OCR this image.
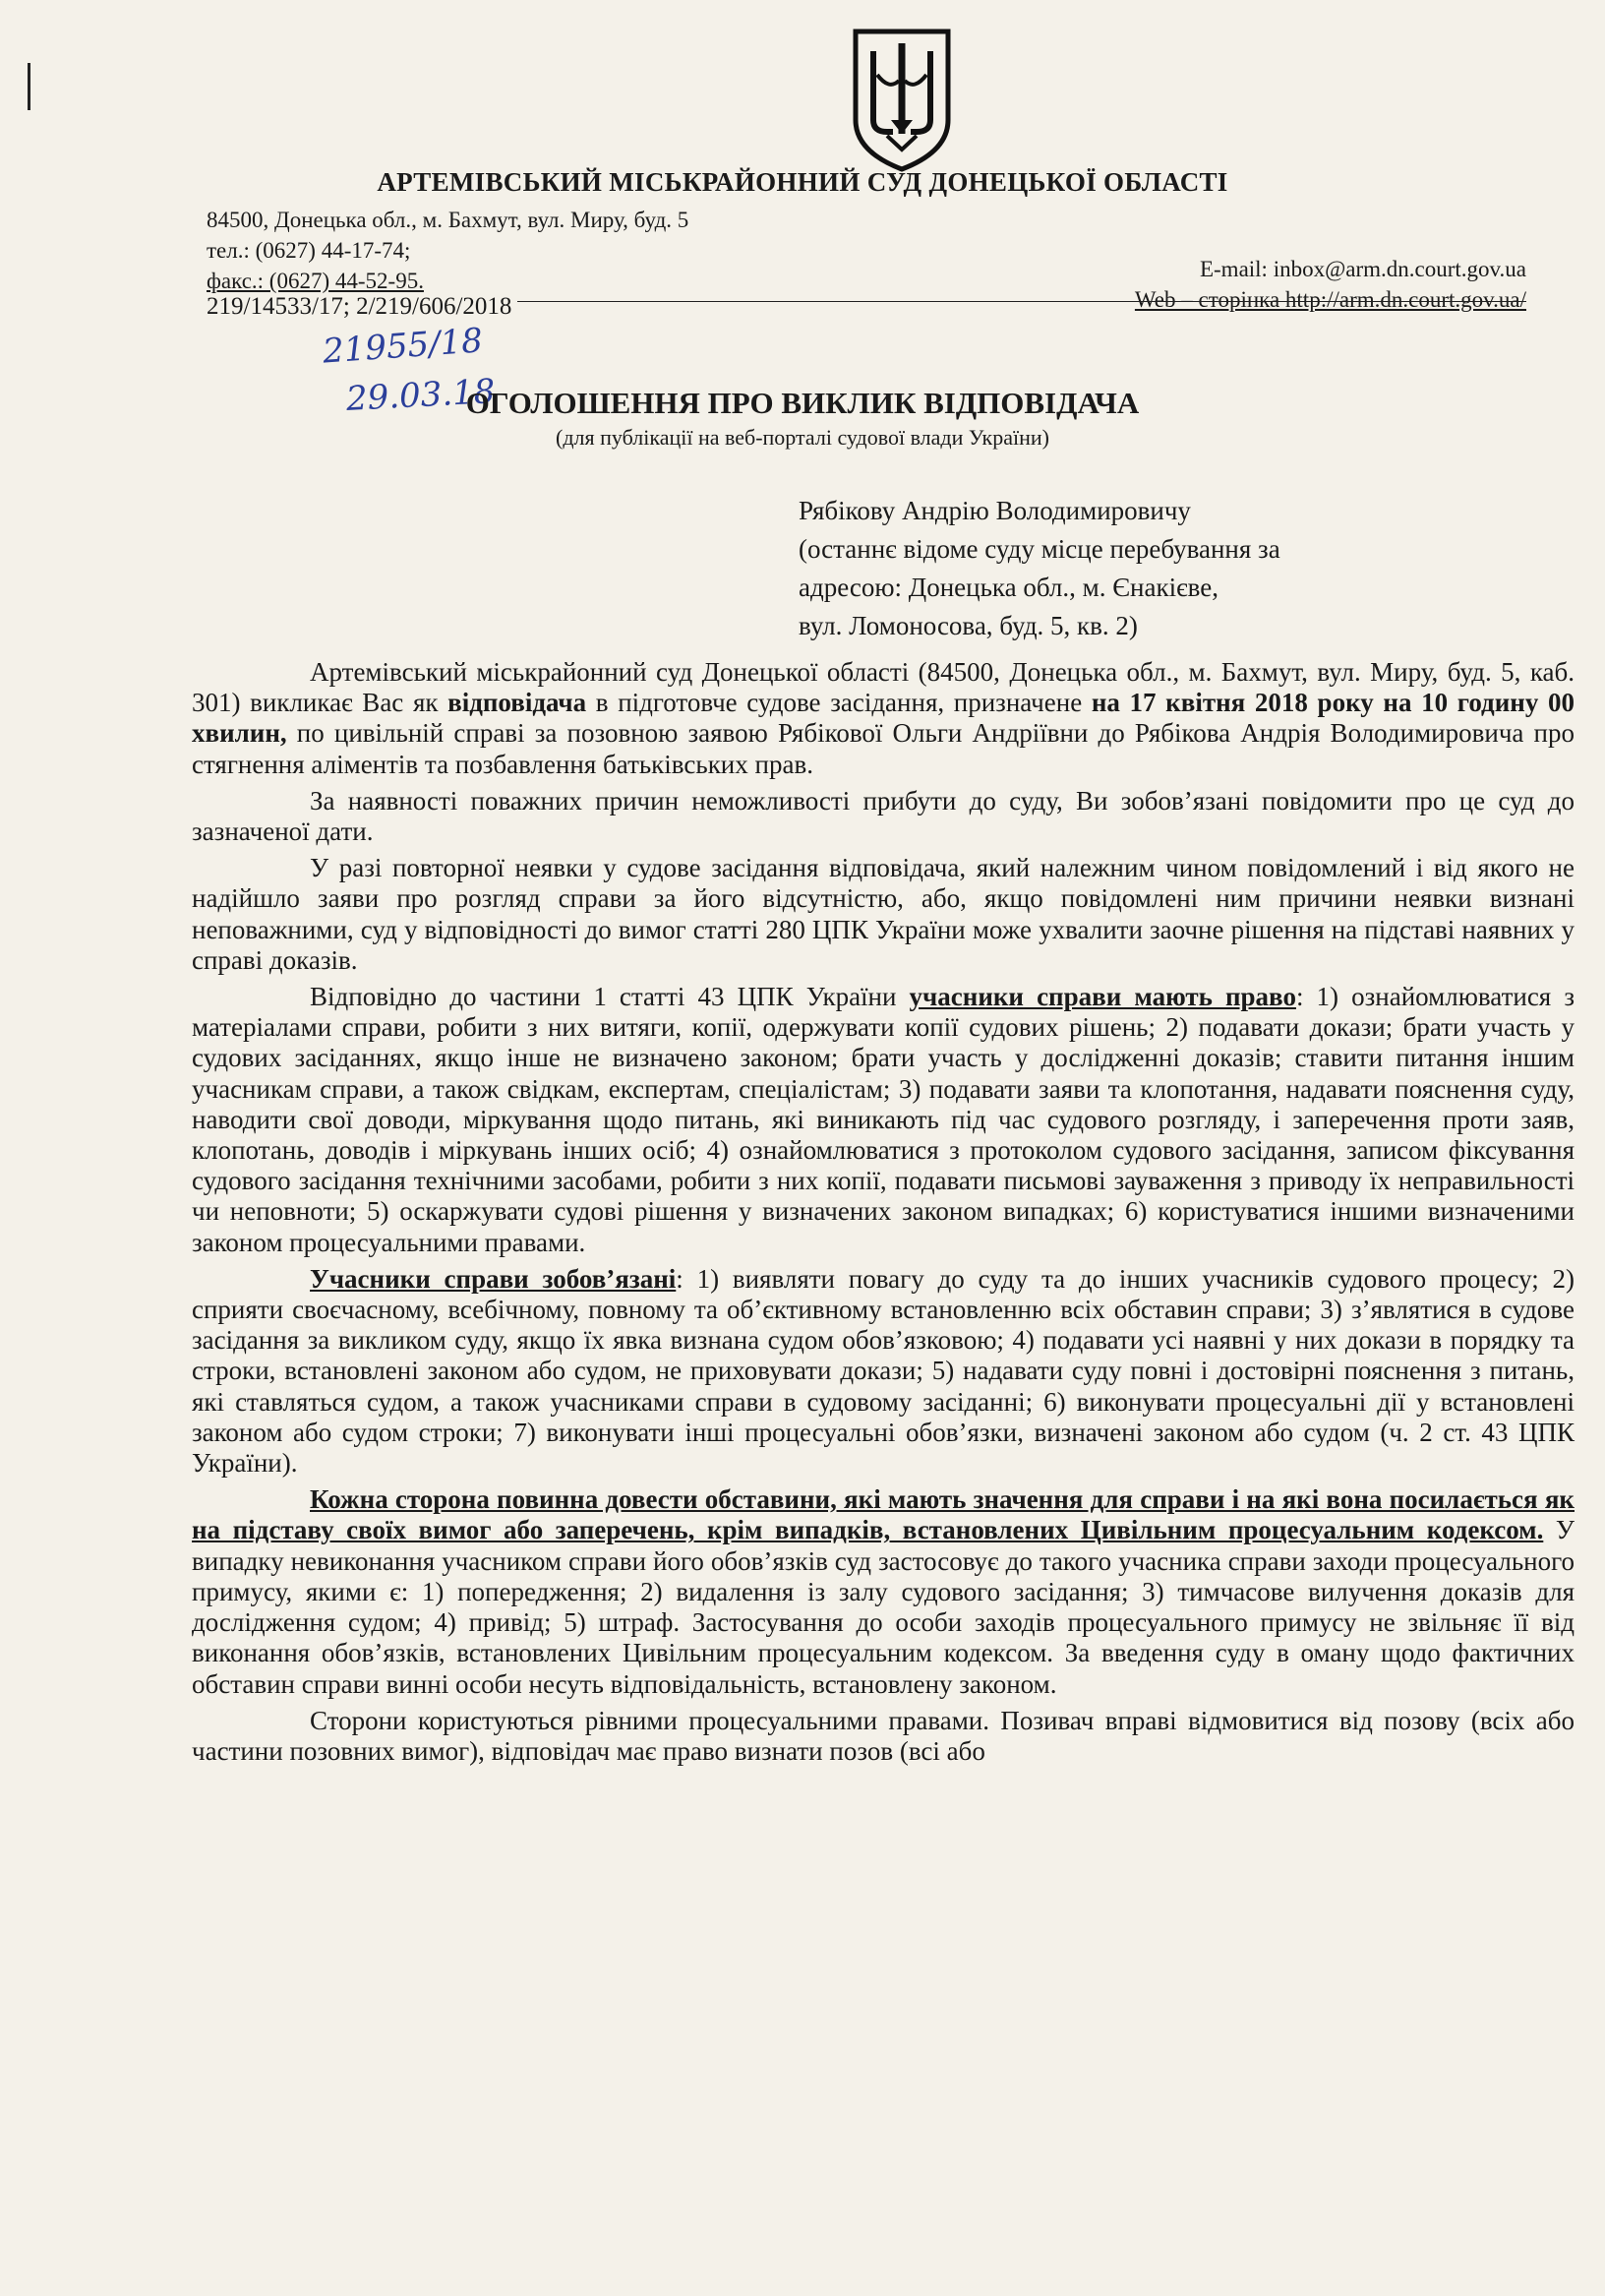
АРТЕМІВСЬКИЙ МІСЬКРАЙОННИЙ СУД ДОНЕЦЬКОЇ ОБЛАСТІ
84500, Донецька обл., м. Бахмут, вул. Миру, буд. 5
тел.: (0627) 44-17-74;
факс.: (0627) 44-52-95.	E-mail: inbox@arm.dn.court.gov.ua
Web – сторінка http://arm.dn.court.gov.ua/
219/14533/17; 2/219/606/2018
21955/18
29.03.18
ОГОЛОШЕННЯ ПРО ВИКЛИК ВІДПОВІДАЧА
(для публікації на веб-порталі судової влади України)
Рябікову Андрію Володимировичу
(останнє відоме суду місце перебування за
адресою: Донецька обл., м. Єнакієве,
вул. Ломоносова, буд. 5, кв. 2)

Артемівський міськрайонний суд Донецької області (84500, Донецька обл., м. Бахмут, вул. Миру, буд. 5, каб. 301) викликає Вас як відповідача в підготовче судове засідання, призначене на 17 квітня 2018 року на 10 годину 00 хвилин, по цивільній справі за позовною заявою Рябікової Ольги Андріївни до Рябікова Андрія Володимировича про стягнення аліментів та позбавлення батьківських прав.

За наявності поважних причин неможливості прибути до суду, Ви зобов’язані повідомити про це суд до зазначеної дати.

У разі повторної неявки у судове засідання відповідача, який належним чином повідомлений і від якого не надійшло заяви про розгляд справи за його відсутністю, або, якщо повідомлені ним причини неявки визнані неповажними, суд у відповідності до вимог статті 280 ЦПК України може ухвалити заочне рішення на підставі наявних у справі доказів.

Відповідно до частини 1 статті 43 ЦПК України учасники справи мають право: 1) ознайомлюватися з матеріалами справи, робити з них витяги, копії, одержувати копії судових рішень; 2) подавати докази; брати участь у судових засіданнях, якщо інше не визначено законом; брати участь у дослідженні доказів; ставити питання іншим учасникам справи, а також свідкам, експертам, спеціалістам; 3) подавати заяви та клопотання, надавати пояснення суду, наводити свої доводи, міркування щодо питань, які виникають під час судового розгляду, і заперечення проти заяв, клопотань, доводів і міркувань інших осіб; 4) ознайомлюватися з протоколом судового засідання, записом фіксування судового засідання технічними засобами, робити з них копії, подавати письмові зауваження з приводу їх неправильності чи неповноти; 5) оскаржувати судові рішення у визначених законом випадках; 6) користуватися іншими визначеними законом процесуальними правами.

Учасники справи зобов’язані: 1) виявляти повагу до суду та до інших учасників судового процесу; 2) сприяти своєчасному, всебічному, повному та об’єктивному встановленню всіх обставин справи; 3) з’являтися в судове засідання за викликом суду, якщо їх явка визнана судом обов’язковою; 4) подавати усі наявні у них докази в порядку та строки, встановлені законом або судом, не приховувати докази; 5) надавати суду повні і достовірні пояснення з питань, які ставляться судом, а також учасниками справи в судовому засіданні; 6) виконувати процесуальні дії у встановлені законом або судом строки; 7) виконувати інші процесуальні обов’язки, визначені законом або судом (ч. 2 ст. 43 ЦПК України).

Кожна сторона повинна довести обставини, які мають значення для справи і на які вона посилається як на підставу своїх вимог або заперечень, крім випадків, встановлених Цивільним процесуальним кодексом. У випадку невиконання учасником справи його обов’язків суд застосовує до такого учасника справи заходи процесуального примусу, якими є: 1) попередження; 2) видалення із залу судового засідання; 3) тимчасове вилучення доказів для дослідження судом; 4) привід; 5) штраф. Застосування до особи заходів процесуального примусу не звільняє її від виконання обов’язків, встановлених Цивільним процесуальним кодексом. За введення суду в оману щодо фактичних обставин справи винні особи несуть відповідальність, встановлену законом.

Сторони користуються рівними процесуальними правами. Позивач вправі відмовитися від позову (всіх або частини позовних вимог), відповідач має право визнати позов (всі або
